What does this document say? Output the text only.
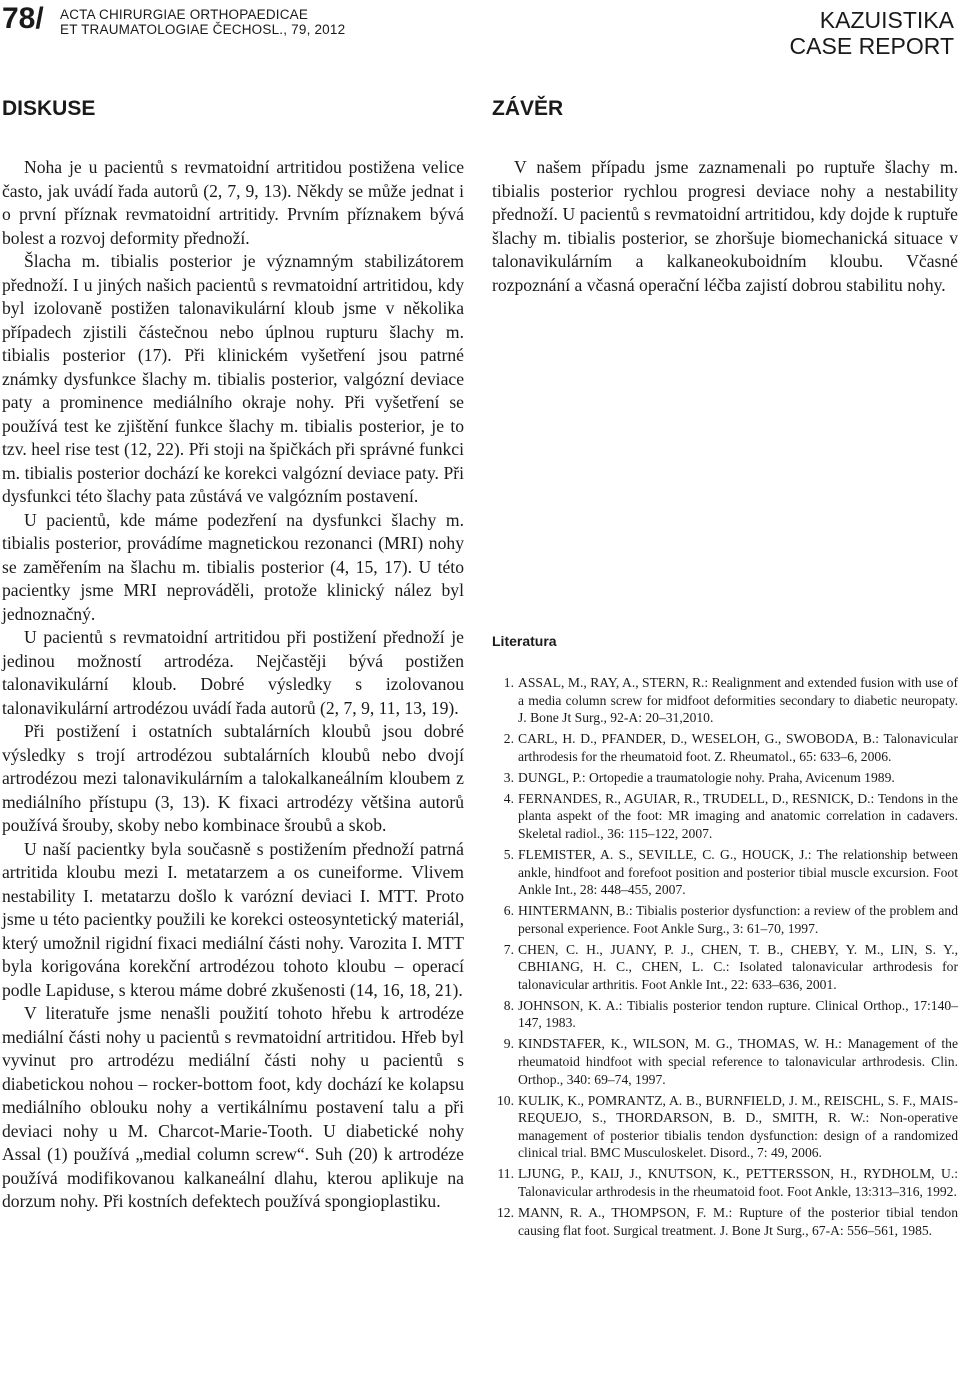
78/ ACTA CHIRURGIAE ORTHOPAEDICAE
ET TRAUMATOLOGIAE ČECHOSL., 79, 2012	KAZUISTIKA
CASE REPORT
DISKUSE

Noha je u pacientů s revmatoidní artritidou postižena velice často, jak uvádí řada autorů (2, 7, 9, 13). Někdy se může jednat i o první příznak revmatoidní artritidy. Prvním příznakem bývá bolest a rozvoj deformity přednoží.

Šlacha m. tibialis posterior je významným stabilizátorem přednoží. I u jiných našich pacientů s revmatoidní artritidou, kdy byl izolovaně postižen talonavikulární kloub jsme v několika případech zjistili částečnou nebo úplnou rupturu šlachy m. tibialis posterior (17). Při klinickém vyšetření jsou patrné známky dysfunkce šlachy m. tibialis posterior, valgózní deviace paty a prominence mediálního okraje nohy. Při vyšetření se používá test ke zjištění funkce šlachy m. tibialis posterior, je to tzv. heel rise test (12, 22). Při stoji na špičkách při správné funkci m. tibialis posterior dochází ke korekci valgózní deviace paty. Při dysfunkci této šlachy pata zůstává ve valgózním postavení.

U pacientů, kde máme podezření na dysfunkci šlachy m. tibialis posterior, provádíme magnetickou rezonanci (MRI) nohy se zaměřením na šlachu m. tibialis posterior (4, 15, 17). U této pacientky jsme MRI neprováděli, protože klinický nález byl jednoznačný.

U pacientů s revmatoidní artritidou při postižení přednoží je jedinou možností artrodéza. Nejčastěji bývá postižen talonavikulární kloub. Dobré výsledky s izolovanou talonavikulární artrodézou uvádí řada autorů (2, 7, 9, 11, 13, 19).

Při postižení i ostatních subtalárních kloubů jsou dobré výsledky s trojí artrodézou subtalárních kloubů nebo dvojí artrodézou mezi talonavikulárním a talokalkaneálním kloubem z mediálního přístupu (3, 13). K fixaci artrodézy většina autorů používá šrouby, skoby nebo kombinace šroubů a skob.

U naší pacientky byla současně s postižením přednoží patrná artritida kloubu mezi I. metatarzem a os cuneiforme. Vlivem nestability I. metatarzu došlo k varózní deviaci I. MTT. Proto jsme u této pacientky použili ke korekci osteosyntetický materiál, který umožnil rigidní fixaci mediální části nohy. Varozita I. MTT byla korigována korekční artrodézou tohoto kloubu – operací podle Lapiduse, s kterou máme dobré zkušenosti (14, 16, 18, 21).

V literatuře jsme nenašli použití tohoto hřebu k artrodéze mediální části nohy u pacientů s revmatoidní artritidou. Hřeb byl vyvinut pro artrodézu mediální části nohy u pacientů s diabetickou nohou – rocker-bottom foot, kdy dochází ke kolapsu mediálního oblouku nohy a vertikálnímu postavení talu a při deviaci nohy u M. Charcot-Marie-Tooth. U diabetické nohy Assal (1) používá „medial column screw“. Suh (20) k artrodéze používá modifikovanou kalkaneální dlahu, kterou aplikuje na dorzum nohy. Při kostních defektech používá spongioplastiku.

ZÁVĚR

V našem případu jsme zaznamenali po ruptuře šlachy m. tibialis posterior rychlou progresi deviace nohy a nestability přednoží. U pacientů s revmatoidní artritidou, kdy dojde k ruptuře šlachy m. tibialis posterior, se zhoršuje biomechanická situace v talonavikulárním a kalkaneokuboidním kloubu. Včasné rozpoznání a včasná operační léčba zajistí dobrou stabilitu nohy.

Literatura
1. ASSAL, M., RAY, A., STERN, R.: Realignment and extended fusion with use of a media column screw for midfoot deformities secondary to diabetic neuropaty. J. Bone Jt Surg., 92-A: 20–31,2010.
2. CARL, H. D., PFANDER, D., WESELOH, G., SWOBODA, B.: Talonavicular arthrodesis for the rheumatoid foot. Z. Rheumatol., 65: 633–6, 2006.
3. DUNGL, P.: Ortopedie a traumatologie nohy. Praha, Avicenum 1989.
4. FERNANDES, R., AGUIAR, R., TRUDELL, D., RESNICK, D.: Tendons in the planta aspekt of the foot: MR imaging and anatomic correlation in cadavers. Skeletal radiol., 36: 115–122, 2007.
5. FLEMISTER, A. S., SEVILLE, C. G., HOUCK, J.: The relationship between ankle, hindfoot and forefoot position and posterior tibial muscle excursion. Foot Ankle Int., 28: 448–455, 2007.
6. HINTERMANN, B.: Tibialis posterior dysfunction: a review of the problem and personal experience. Foot Ankle Surg., 3: 61–70, 1997.
7. CHEN, C. H., JUANY, P. J., CHEN, T. B., CHEBY, Y. M., LIN, S. Y., CBHIANG, H. C., CHEN, L. C.: Isolated talonavicular arthrodesis for talonavicular arthritis. Foot Ankle Int., 22: 633–636, 2001.
8. JOHNSON, K. A.: Tibialis posterior tendon rupture. Clinical Orthop., 17:140–147, 1983.
9. KINDSTAFER, K., WILSON, M. G., THOMAS, W. H.: Management of the rheumatoid hindfoot with special reference to talonavicular arthrodesis. Clin. Orthop., 340: 69–74, 1997.
10. KULIK, K., POMRANTZ, A. B., BURNFIELD, J. M., REISCHL, S. F., MAIS-REQUEJO, S., THORDARSON, B. D., SMITH, R. W.: Non-operative management of posterior tibialis tendon dysfunction: design of a randomized clinical trial. BMC Musculoskelet. Disord., 7: 49, 2006.
11. LJUNG, P., KAIJ, J., KNUTSON, K., PETTERSSON, H., RYDHOLM, U.: Talonavicular arthrodesis in the rheumatoid foot. Foot Ankle, 13:313–316, 1992.
12. MANN, R. A., THOMPSON, F. M.: Rupture of the posterior tibial tendon causing flat foot. Surgical treatment. J. Bone Jt Surg., 67-A: 556–561, 1985.
